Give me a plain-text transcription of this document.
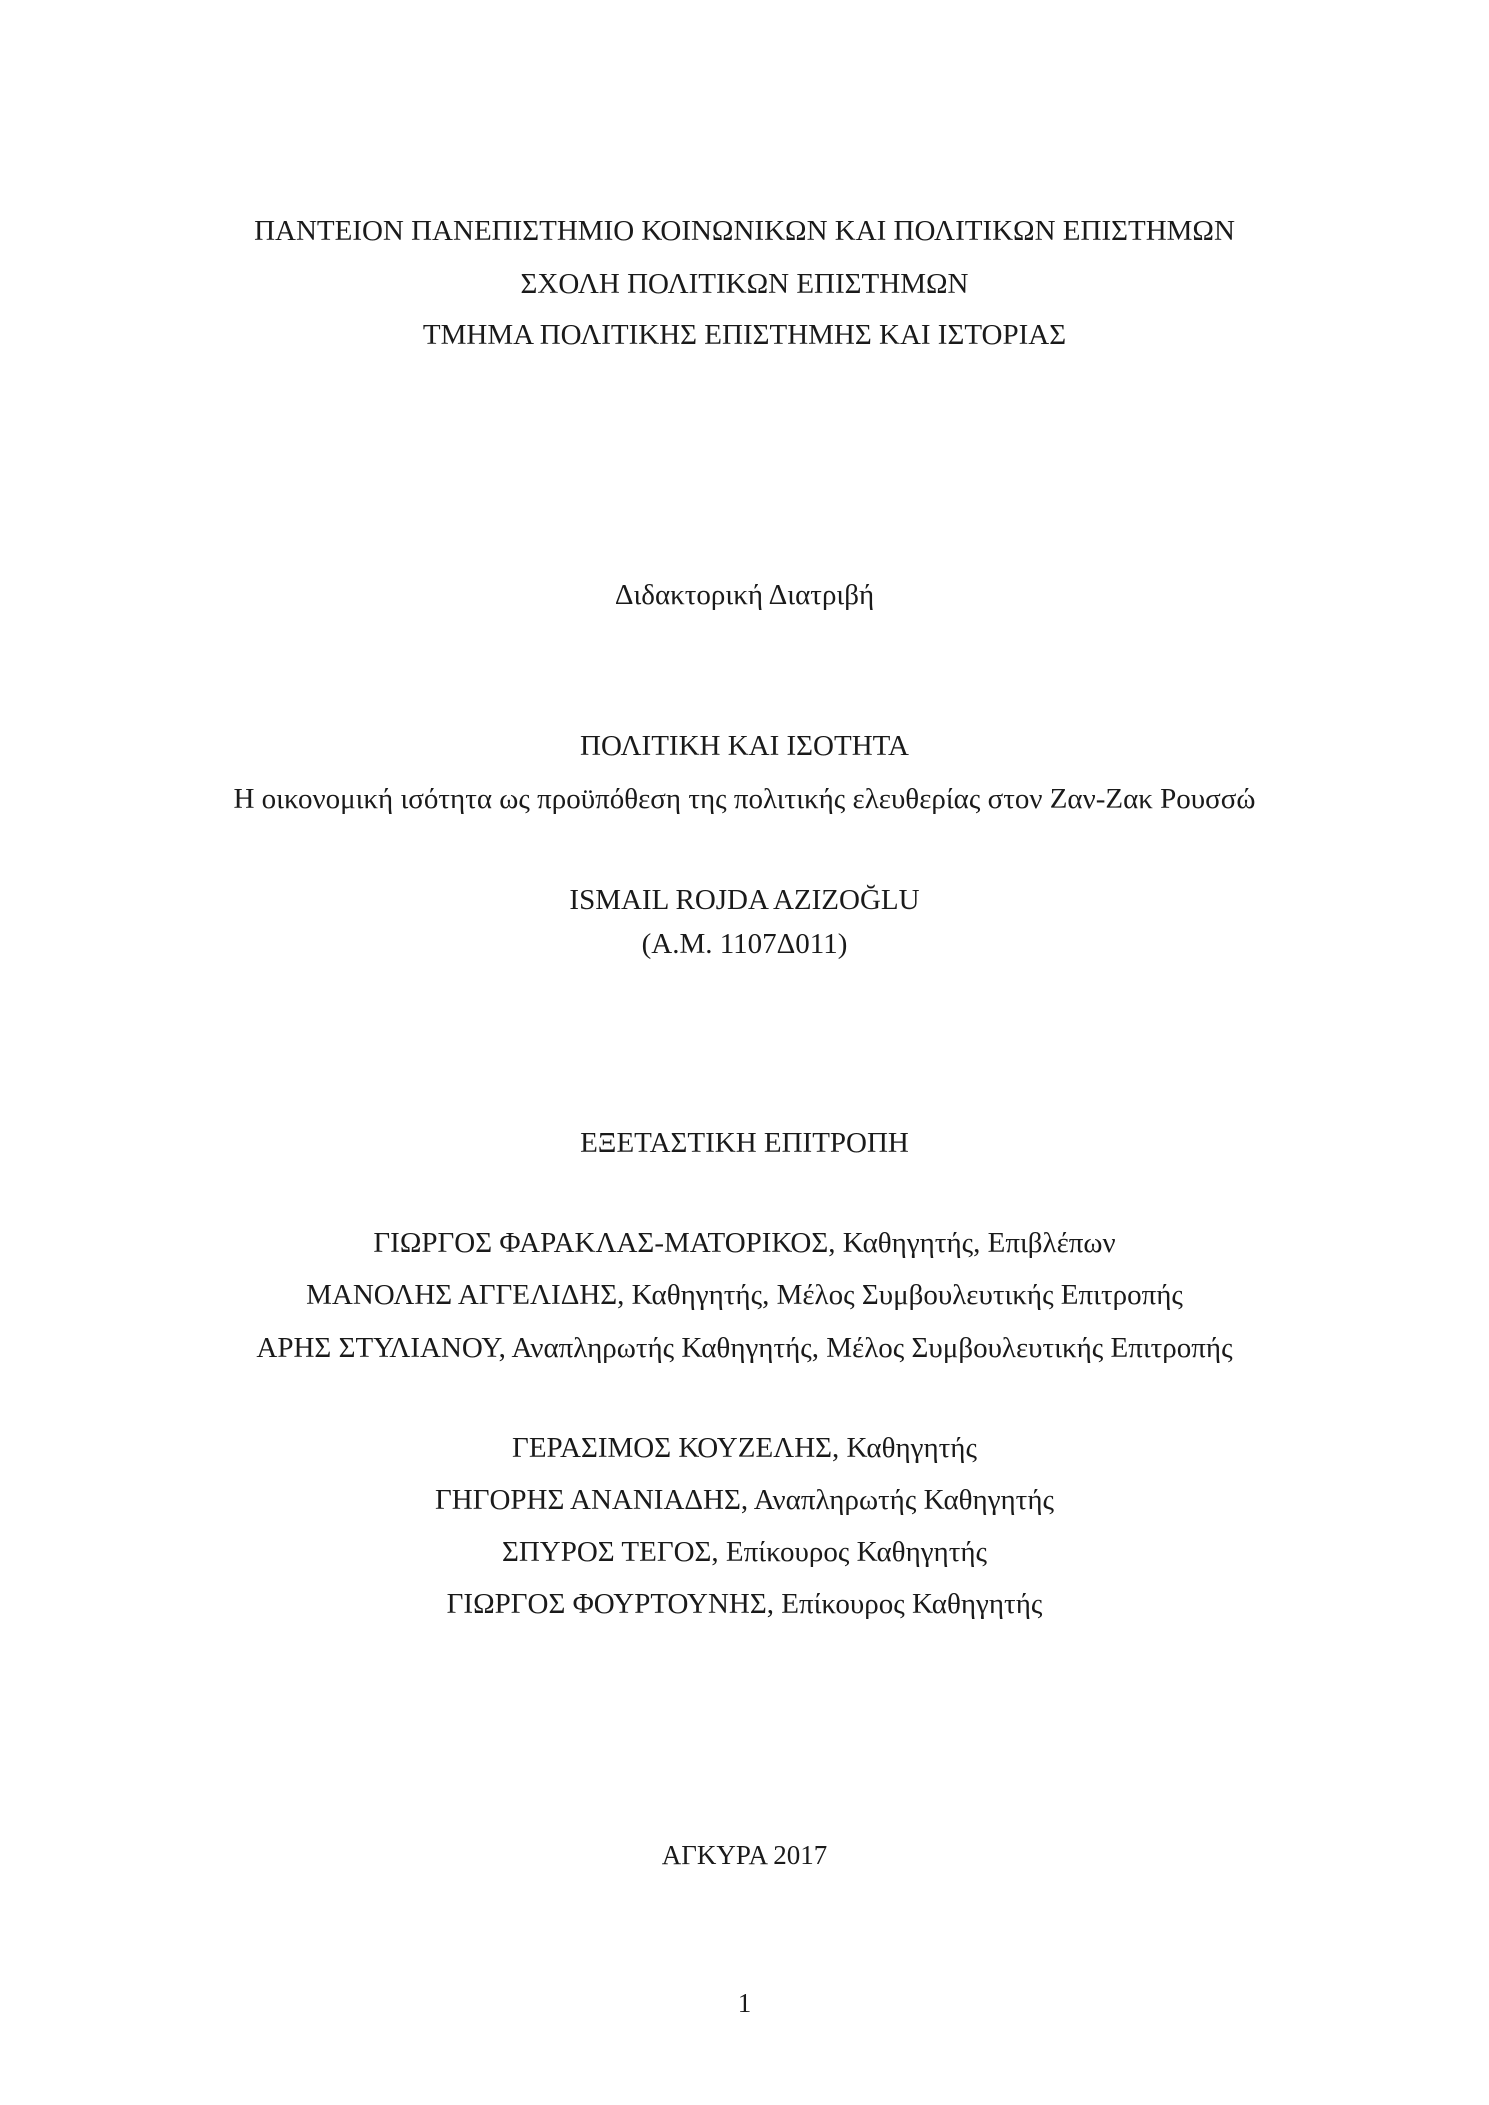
ΠΑΝΤΕΙΟΝ ΠΑΝΕΠΙΣΤΗΜΙΟ ΚΟΙΝΩΝΙΚΩΝ ΚΑΙ ΠΟΛΙΤΙΚΩΝ ΕΠΙΣΤΗΜΩΝ
ΣΧΟΛΗ ΠΟΛΙΤΙΚΩΝ ΕΠΙΣΤΗΜΩΝ
ΤΜΗΜΑ ΠΟΛΙΤΙΚΗΣ ΕΠΙΣΤΗΜΗΣ ΚΑΙ ΙΣΤΟΡΙΑΣ
Διδακτορική Διατριβή
ΠΟΛΙΤΙΚΗ ΚΑΙ ΙΣΟΤΗΤΑ
Η οικονομική ισότητα ως προϋπόθεση της πολιτικής ελευθερίας στον Ζαν-Ζακ Ρουσσώ
ISMAIL ROJDA AZIZOĞLU
(Α.Μ. 1107Δ011)
ΕΞΕΤΑΣΤΙΚΗ ΕΠΙΤΡΟΠΗ
ΓΙΩΡΓΟΣ ΦΑΡΑΚΛΑΣ-ΜΑΤΟΡΙΚΟΣ, Καθηγητής, Επιβλέπων
ΜΑΝΟΛΗΣ ΑΓΓΕΛΙΔΗΣ, Καθηγητής, Μέλος Συμβουλευτικής Επιτροπής
ΑΡΗΣ ΣΤΥΛΙΑΝΟΥ, Αναπληρωτής Καθηγητής, Μέλος Συμβουλευτικής Επιτροπής
ΓΕΡΑΣΙΜΟΣ ΚΟΥΖΕΛΗΣ, Καθηγητής
ΓΗΓΟΡΗΣ ΑΝΑΝΙΑΔΗΣ, Αναπληρωτής Καθηγητής
ΣΠΥΡΟΣ ΤΕΓΟΣ, Επίκουρος Καθηγητής
ΓΙΩΡΓΟΣ ΦΟΥΡΤΟΥΝΗΣ, Επίκουρος Καθηγητής
ΑΓΚΥΡΑ 2017
1
